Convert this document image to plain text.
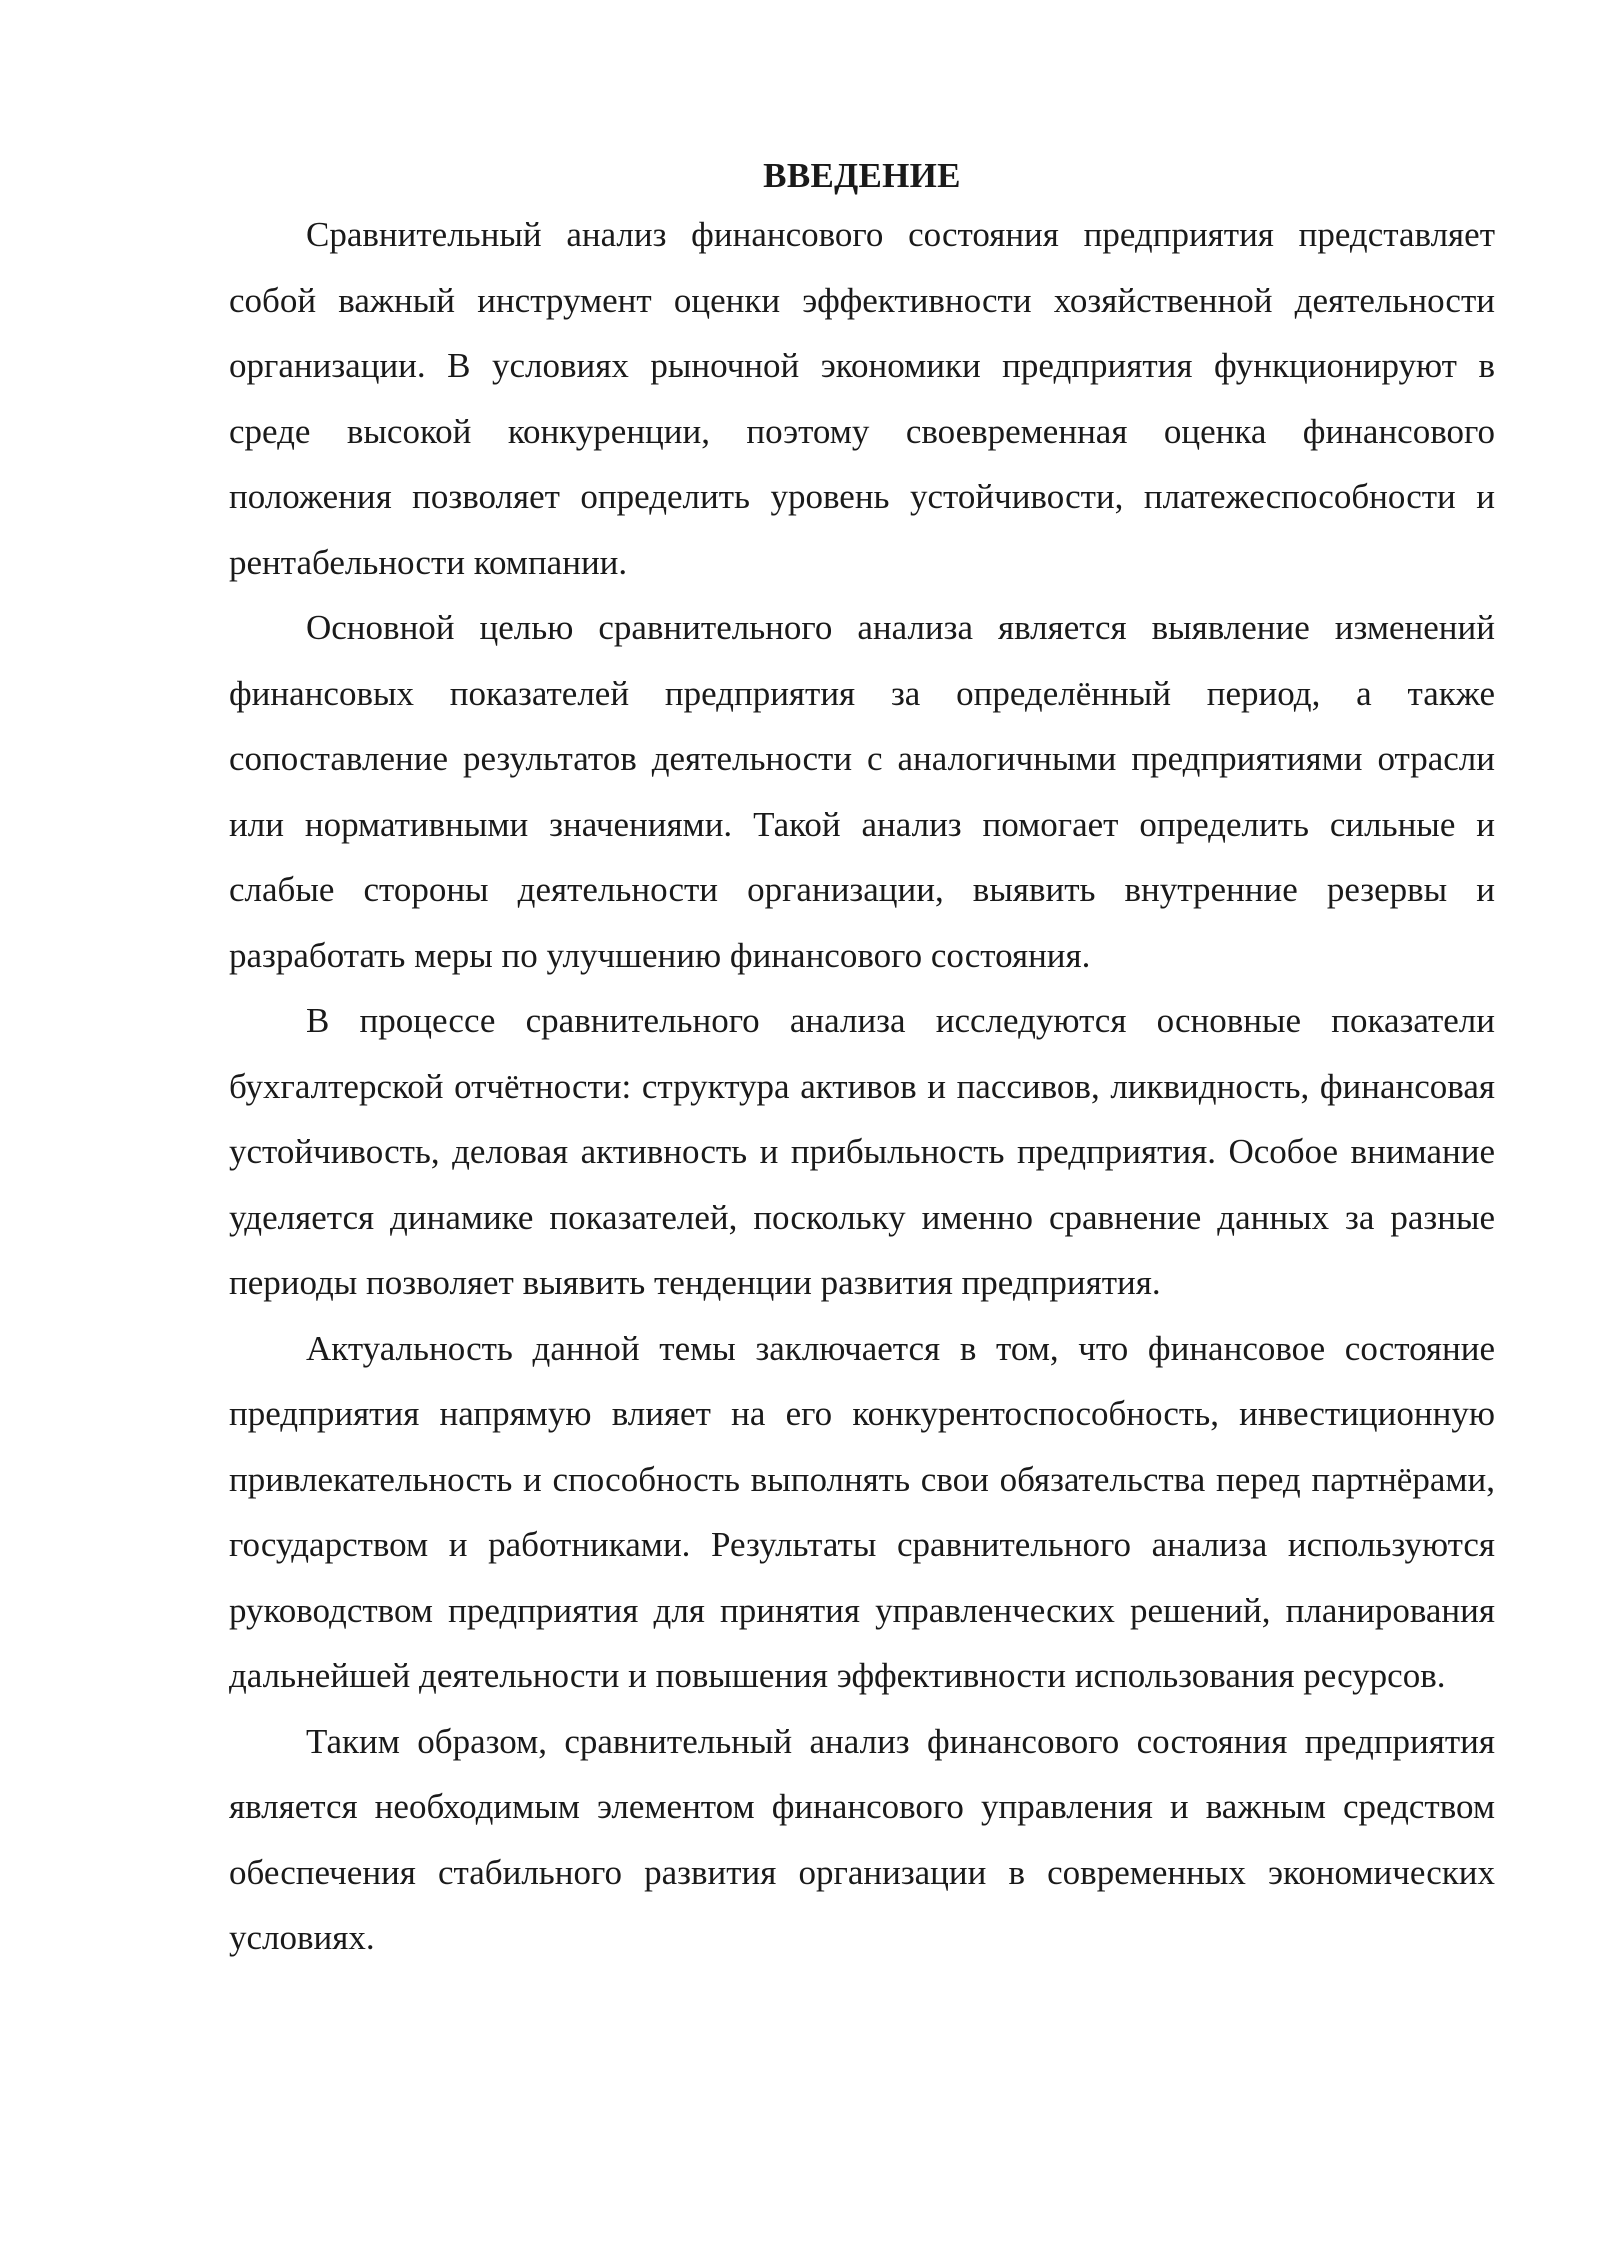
ВВЕДЕНИЕ

Сравнительный анализ финансового состояния предприятия представляет собой важный инструмент оценки эффективности хозяйственной деятельности организации. В условиях рыночной экономики предприятия функционируют в среде высокой конкуренции, поэтому своевременная оценка финансового положения позволяет определить уровень устойчивости, платежеспособности и рентабельности компании.

Основной целью сравнительного анализа является выявление изменений финансовых показателей предприятия за определённый период, а также сопоставление результатов деятельности с аналогичными предприятиями отрасли или нормативными значениями. Такой анализ помогает определить сильные и слабые стороны деятельности организации, выявить внутренние резервы и разработать меры по улучшению финансового состояния.

В процессе сравнительного анализа исследуются основные показатели бухгалтерской отчётности: структура активов и пассивов, ликвидность, финансовая устойчивость, деловая активность и прибыльность предприятия. Особое внимание уделяется динамике показателей, поскольку именно сравнение данных за разные периоды позволяет выявить тенденции развития предприятия.

Актуальность данной темы заключается в том, что финансовое состояние предприятия напрямую влияет на его конкурентоспособность, инвестиционную привлекательность и способность выполнять свои обязательства перед партнёрами, государством и работниками. Результаты сравнительного анализа используются руководством предприятия для принятия управленческих решений, планирования дальнейшей деятельности и повышения эффективности использования ресурсов.

Таким образом, сравнительный анализ финансового состояния предприятия является необходимым элементом финансового управления и важным средством обеспечения стабильного развития организации в современных экономических условиях.
